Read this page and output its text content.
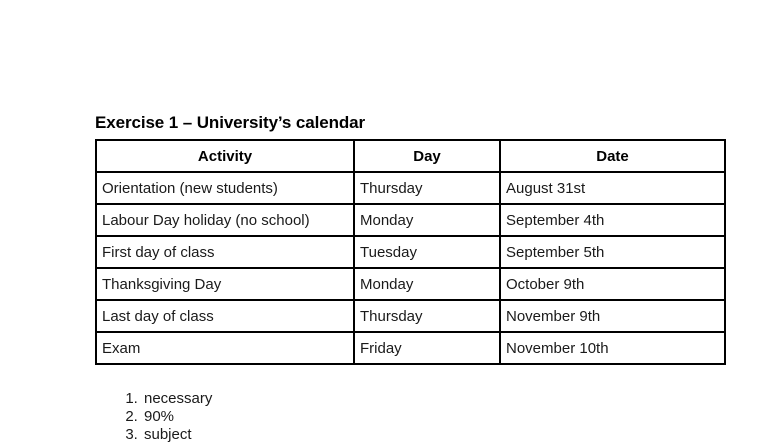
Exercise 1 – University’s calendar
Activity	Day	Date
Orientation (new students)	Thursday	August 31st
Labour Day holiday (no school)	Monday	September 4th
First day of class	Tuesday	September 5th
Thanksgiving Day	Monday	October 9th
Last day of class	Thursday	November 9th
Exam	Friday	November 10th
1. necessary
2. 90%
3. subject
